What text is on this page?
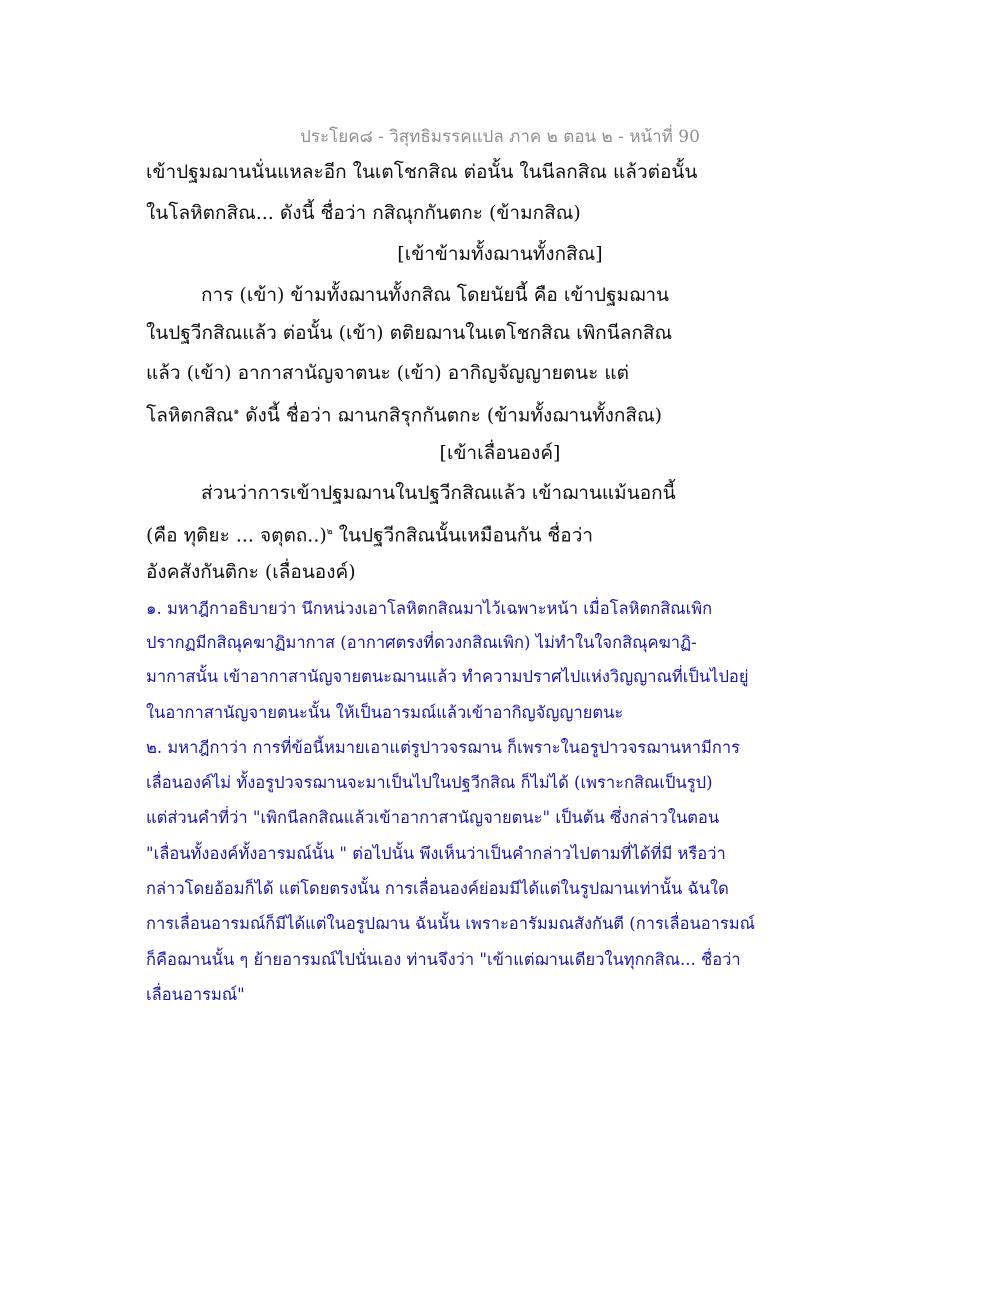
ประโยค๘ - วิสุทธิมรรคแปล ภาค ๒ ตอน ๒ - หน้าที่ 90
เข้าปฐมฌานนั่นแหละอีก ในเตโชกสิณ ต่อนั้น ในนีลกสิณ แล้วต่อนั้น
ในโลหิตกสิณ... ดังนี้ ชื่อว่า กสิณุกกันตกะ (ข้ามกสิณ)
[เข้าข้ามทั้งฌานทั้งกสิณ]
การ (เข้า) ข้ามทั้งฌานทั้งกสิณ โดยนัยนี้ คือ เข้าปฐมฌาน
ในปฐวีกสิณแล้ว ต่อนั้น (เข้า) ตติยฌานในเตโชกสิณ เพิกนีลกสิณ
แล้ว (เข้า) อากาสานัญจาตนะ (เข้า) อากิญจัญญายตนะ แต่
โลหิตกสิณ$^๑$ ดังนี้ ชื่อว่า ฌานกสิรุกกันตกะ (ข้ามทั้งฌานทั้งกสิณ)
[เข้าเลื่อนองค์]
ส่วนว่าการเข้าปฐมฌานในปฐวีกสิณแล้ว เข้าฌานแม้นอกนี้
(คือ ทุติยะ ... จตุตถ..)$^๒$ ในปฐวีกสิณนั้นเหมือนกัน ชื่อว่า
อังคสังกันติกะ (เลื่อนองค์)
๑. มหาฎีกาอธิบายว่า นึกหน่วงเอาโลหิตกสิณมาไว้เฉพาะหน้า เมื่อโลหิตกสิณเพิก
ปรากฏมีกสิณุคฆาฏิมากาส (อากาศตรงที่ดวงกสิณเพิก) ไม่ทำในใจกสิณุคฆาฏิ-
มากาสนั้น เข้าอากาสานัญจายตนะฌานแล้ว ทำความปราศไปแห่งวิญญาณที่เป็นไปอยู่
ในอากาสานัญจายตนะนั้น ให้เป็นอารมณ์แล้วเข้าอากิญจัญญายตนะ
๒. มหาฎีกาว่า การที่ข้อนี้หมายเอาแต่รูปาวจรฌาน ก็เพราะในอรูปาวจรฌานหามีการ
เลื่อนองค์ไม่ ทั้งอรูปวจรฌานจะมาเป็นไปในปฐวีกสิณ ก็ไม่ได้ (เพราะกสิณเป็นรูป)
แต่ส่วนคำที่ว่า "เพิกนีลกสิณแล้วเข้าอากาสานัญจายตนะ" เป็นต้น ซึ่งกล่าวในตอน
"เลื่อนทั้งองค์ทั้งอารมณ์นั้น " ต่อไปนั้น พึงเห็นว่าเป็นคำกล่าวไปตามที่ได้ที่มี หรือว่า
กล่าวโดยอ้อมก็ได้ แต่โดยตรงนั้น การเลื่อนองค์ย่อมมีได้แต่ในรูปฌานเท่านั้น ฉันใด
การเลื่อนอารมณ์ก็มีได้แต่ในอรูปฌาน ฉันนั้น เพราะอารัมมณสังกันตี (การเลื่อนอารมณ์
ก็คือฌานนั้น ๆ ย้ายอารมณ์ไปนั่นเอง ท่านจึงว่า "เข้าแต่ฌานเดียวในทุกกสิณ... ชื่อว่า
เลื่อนอารมณ์"
